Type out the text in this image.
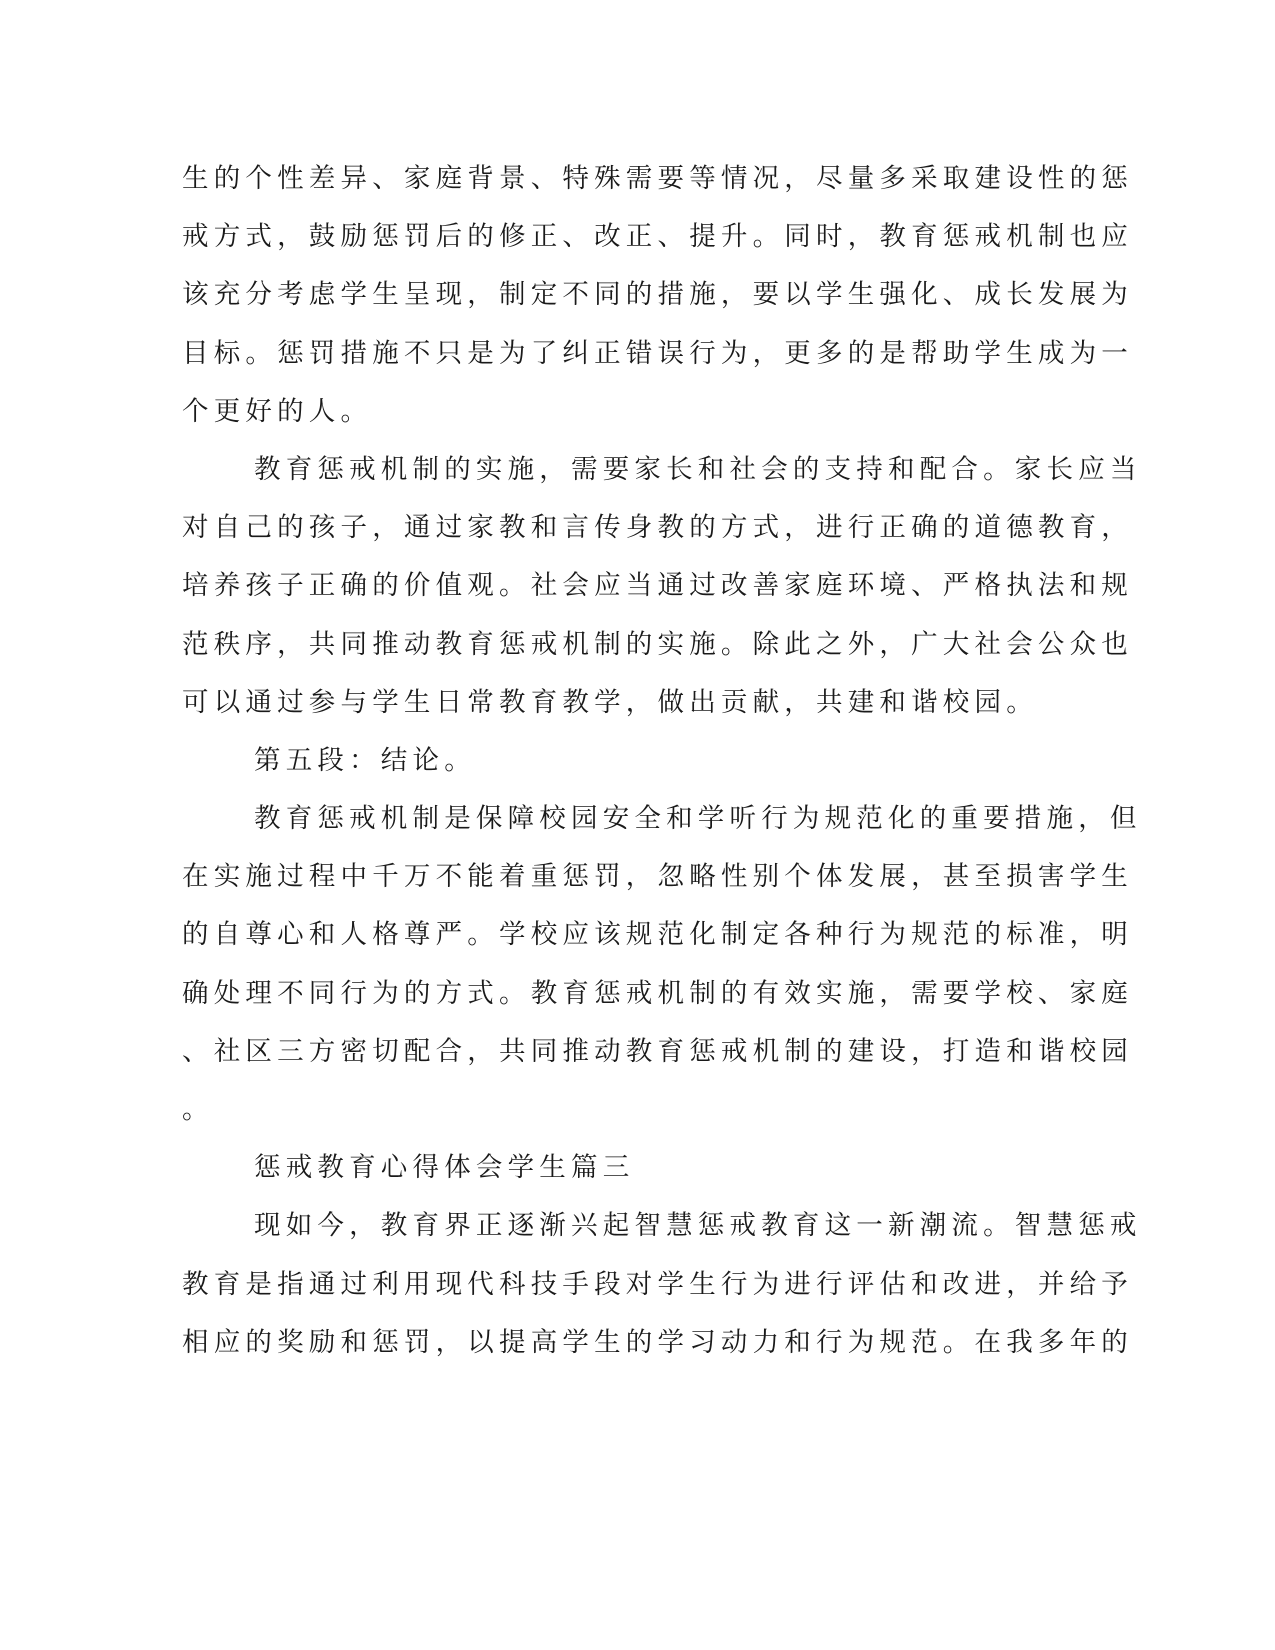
生的个性差异、家庭背景、特殊需要等情况，尽量多采取建设性的惩
戒方式，鼓励惩罚后的修正、改正、提升。同时，教育惩戒机制也应
该充分考虑学生呈现，制定不同的措施，要以学生强化、成长发展为
目标。惩罚措施不只是为了纠正错误行为，更多的是帮助学生成为一
个更好的人。
教育惩戒机制的实施，需要家长和社会的支持和配合。家长应当
对自己的孩子，通过家教和言传身教的方式，进行正确的道德教育，
培养孩子正确的价值观。社会应当通过改善家庭环境、严格执法和规
范秩序，共同推动教育惩戒机制的实施。除此之外，广大社会公众也
可以通过参与学生日常教育教学，做出贡献，共建和谐校园。
第五段：结论。
教育惩戒机制是保障校园安全和学听行为规范化的重要措施，但
在实施过程中千万不能着重惩罚，忽略性别个体发展，甚至损害学生
的自尊心和人格尊严。学校应该规范化制定各种行为规范的标准，明
确处理不同行为的方式。教育惩戒机制的有效实施，需要学校、家庭
、社区三方密切配合，共同推动教育惩戒机制的建设，打造和谐校园
。
惩戒教育心得体会学生篇三
现如今，教育界正逐渐兴起智慧惩戒教育这一新潮流。智慧惩戒
教育是指通过利用现代科技手段对学生行为进行评估和改进，并给予
相应的奖励和惩罚，以提高学生的学习动力和行为规范。在我多年的
